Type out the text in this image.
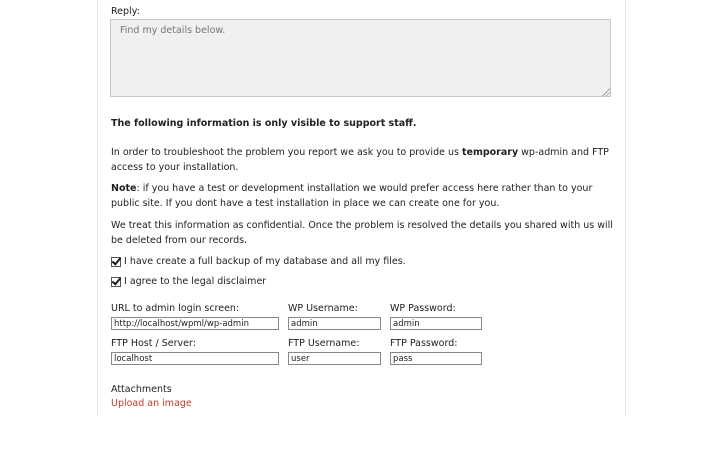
Reply:
Find my details below.
The following information is only visible to support staff.

In order to troubleshoot the problem you report we ask you to provide us temporary wp-admin and FTP access to your installation.

Note: if you have a test or development installation we would prefer access here rather than to your public site. If you dont have a test installation in place we can create one for you.

We treat this information as confidential. Once the problem is resolved the details you shared with us will be deleted from our records.

I have create a full backup of my database and all my files.
I agree to the legal disclaimer
URL to admin login screen:
http://localhost/wpml/wp-admin	WP Username:
admin	WP Password:
admin
FTP Host / Server:
localhost	FTP Username:
user	FTP Password:
pass
Attachments
Upload an image
